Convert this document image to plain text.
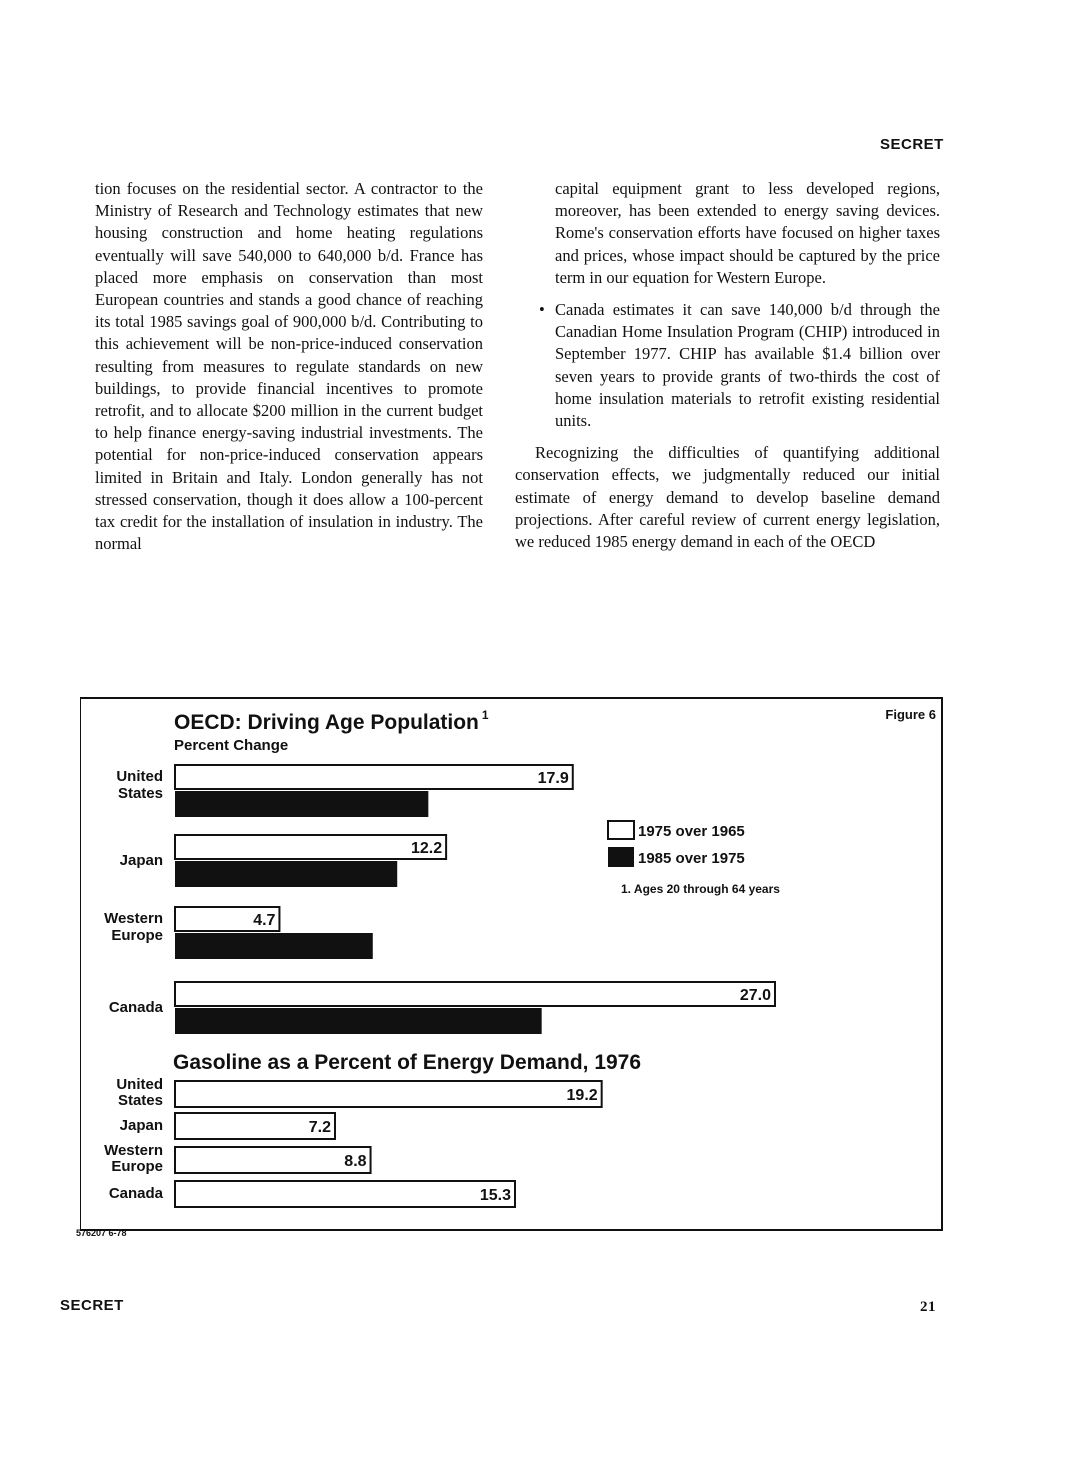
SECRET

tion focuses on the residential sector. A contractor to the Ministry of Research and Technology estimates that new housing construction and home heating regulations eventually will save 540,000 to 640,000 b/d. France has placed more emphasis on conservation than most European countries and stands a good chance of reaching its total 1985 savings goal of 900,000 b/d. Contributing to this achievement will be non-price-induced conservation resulting from measures to regulate standards on new buildings, to provide financial incentives to promote retrofit, and to allocate $200 million in the current budget to help finance energy-saving industrial investments. The potential for non-price-induced conservation appears limited in Britain and Italy. London generally has not stressed conservation, though it does allow a 100-percent tax credit for the installation of insulation in industry. The normal

capital equipment grant to less developed regions, moreover, has been extended to energy saving devices. Rome's conservation efforts have focused on higher taxes and prices, whose impact should be captured by the price term in our equation for Western Europe.

• Canada estimates it can save 140,000 b/d through the Canadian Home Insulation Program (CHIP) introduced in September 1977. CHIP has available $1.4 billion over seven years to provide grants of two-thirds the cost of home insulation materials to retrofit existing residential units.

Recognizing the difficulties of quantifying additional conservation effects, we judgmentally reduced our initial estimate of energy demand to develop baseline demand projections. After careful review of current energy legislation, we reduced 1985 energy demand in each of the OECD

Figure 6
OECD: Driving Age Population 1
Percent Change
United
States
17.9
Japan
12.2
Western
Europe
4.7
Canada
27.0
1975 over 1965
1985 over 1975
1. Ages 20 through 64 years
Gasoline as a Percent of Energy Demand, 1976
United
States	19.2
Japan	7.2
Western
Europe	8.8
Canada	15.3
576207 6-78
SECRET	21
